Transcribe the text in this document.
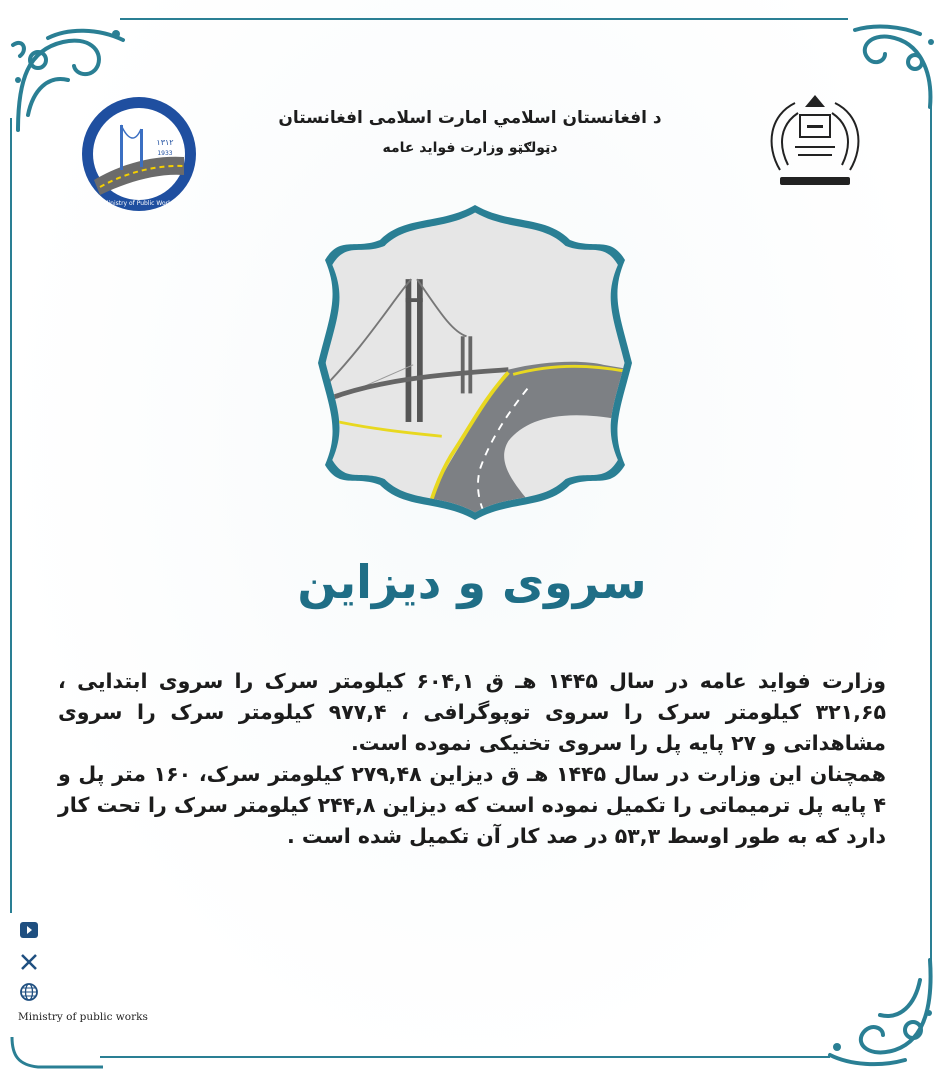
د افغانستان اسلامي امارت اسلامی افغانستان
د‌ټولګټو وزارت فواید عامه
۱۳۱۲
1933
Ministry of Public Works
سروی و دیزاین

وزارت فواید عامه در سال ۱۴۴۵ هـ ق ۶۰۴,۱ کیلومتر سرک را سروی ابتدایی ، ۳۲۱,۶۵ کیلومتر سرک را سروی توپوگرافی ، ۹۷۷,۴ کیلومتر سرک را سروی مشاهداتی و ۲۷ پایه پل را سروی تخنیکی نموده است.

همچنان این وزارت در سال ۱۴۴۵ هـ ق دیزاین ۲۷۹,۴۸ کیلومتر سرک، ۱۶۰ متر پل و ۴ پایه پل ترمیماتی را تکمیل نموده است که دیزاین ۲۴۴,۸ کیلومتر سرک را تحت کار دارد که به طور اوسط ۵۳,۳ در صد کار آن تکمیل شده است .

Ministry of public works
